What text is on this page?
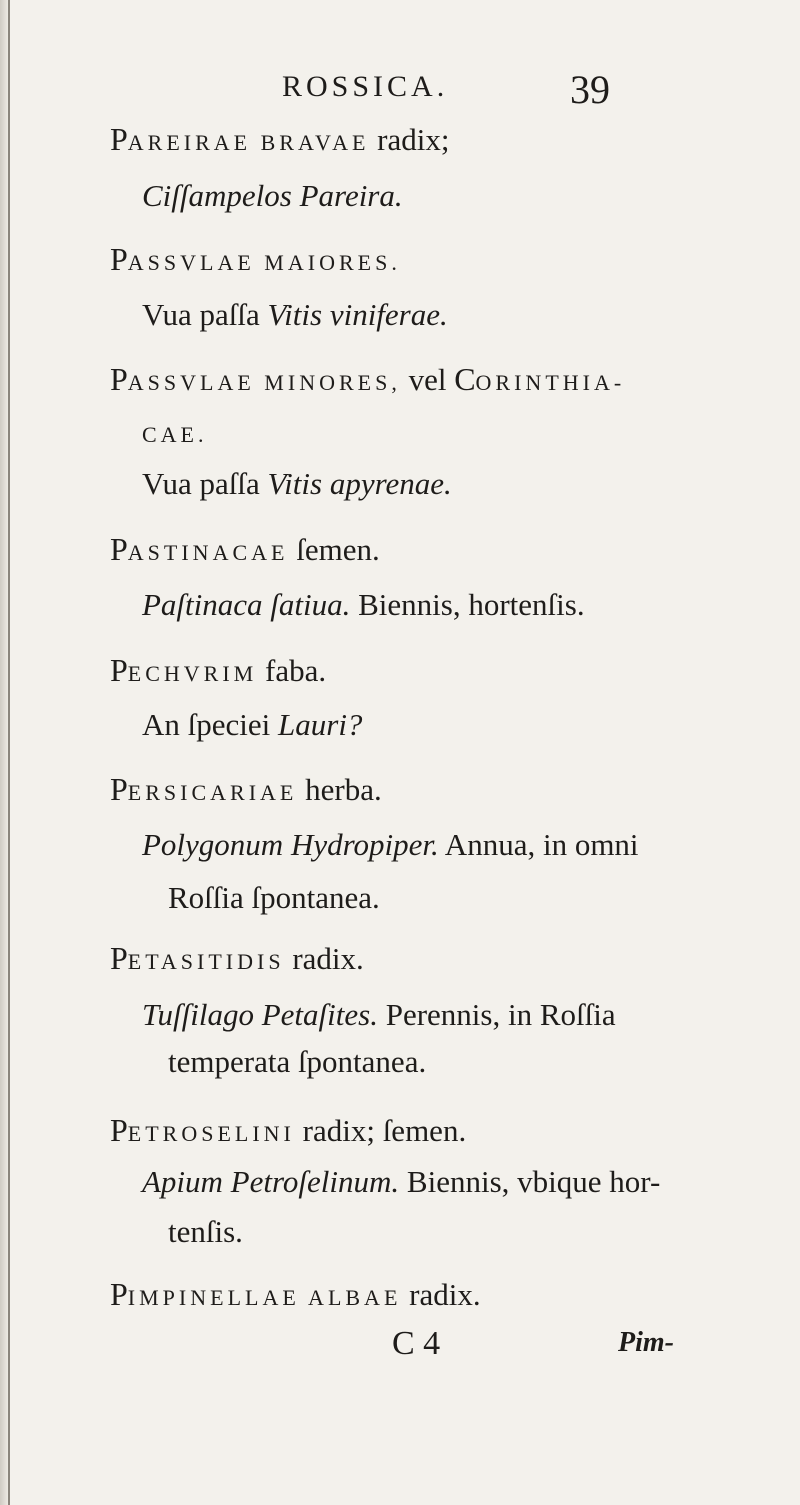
ROSSICA.	39
PAREIRAE BRAVAE radix;
Ciſſampelos Pareira.
PASSVLAE MAIORES.
Vua paſſa Vitis viniferae.
PASSVLAE MINORES, vel CORINTHIA-
CAE.
Vua paſſa Vitis apyrenae.
PASTINACAE ſemen.
Paſtinaca ſatiua. Biennis, hortenſis.
PECHVRIM faba.
An ſpeciei Lauri?
PERSICARIAE herba.
Polygonum Hydropiper. Annua, in omni
Roſſia ſpontanea.
PETASITIDIS radix.
Tuſſilago Petaſites. Perennis, in Roſſia
temperata ſpontanea.
PETROSELINI radix; ſemen.
Apium Petroſelinum. Biennis, vbique hor-
tenſis.
PIMPINELLAE ALBAE radix.
C 4	Pim-
